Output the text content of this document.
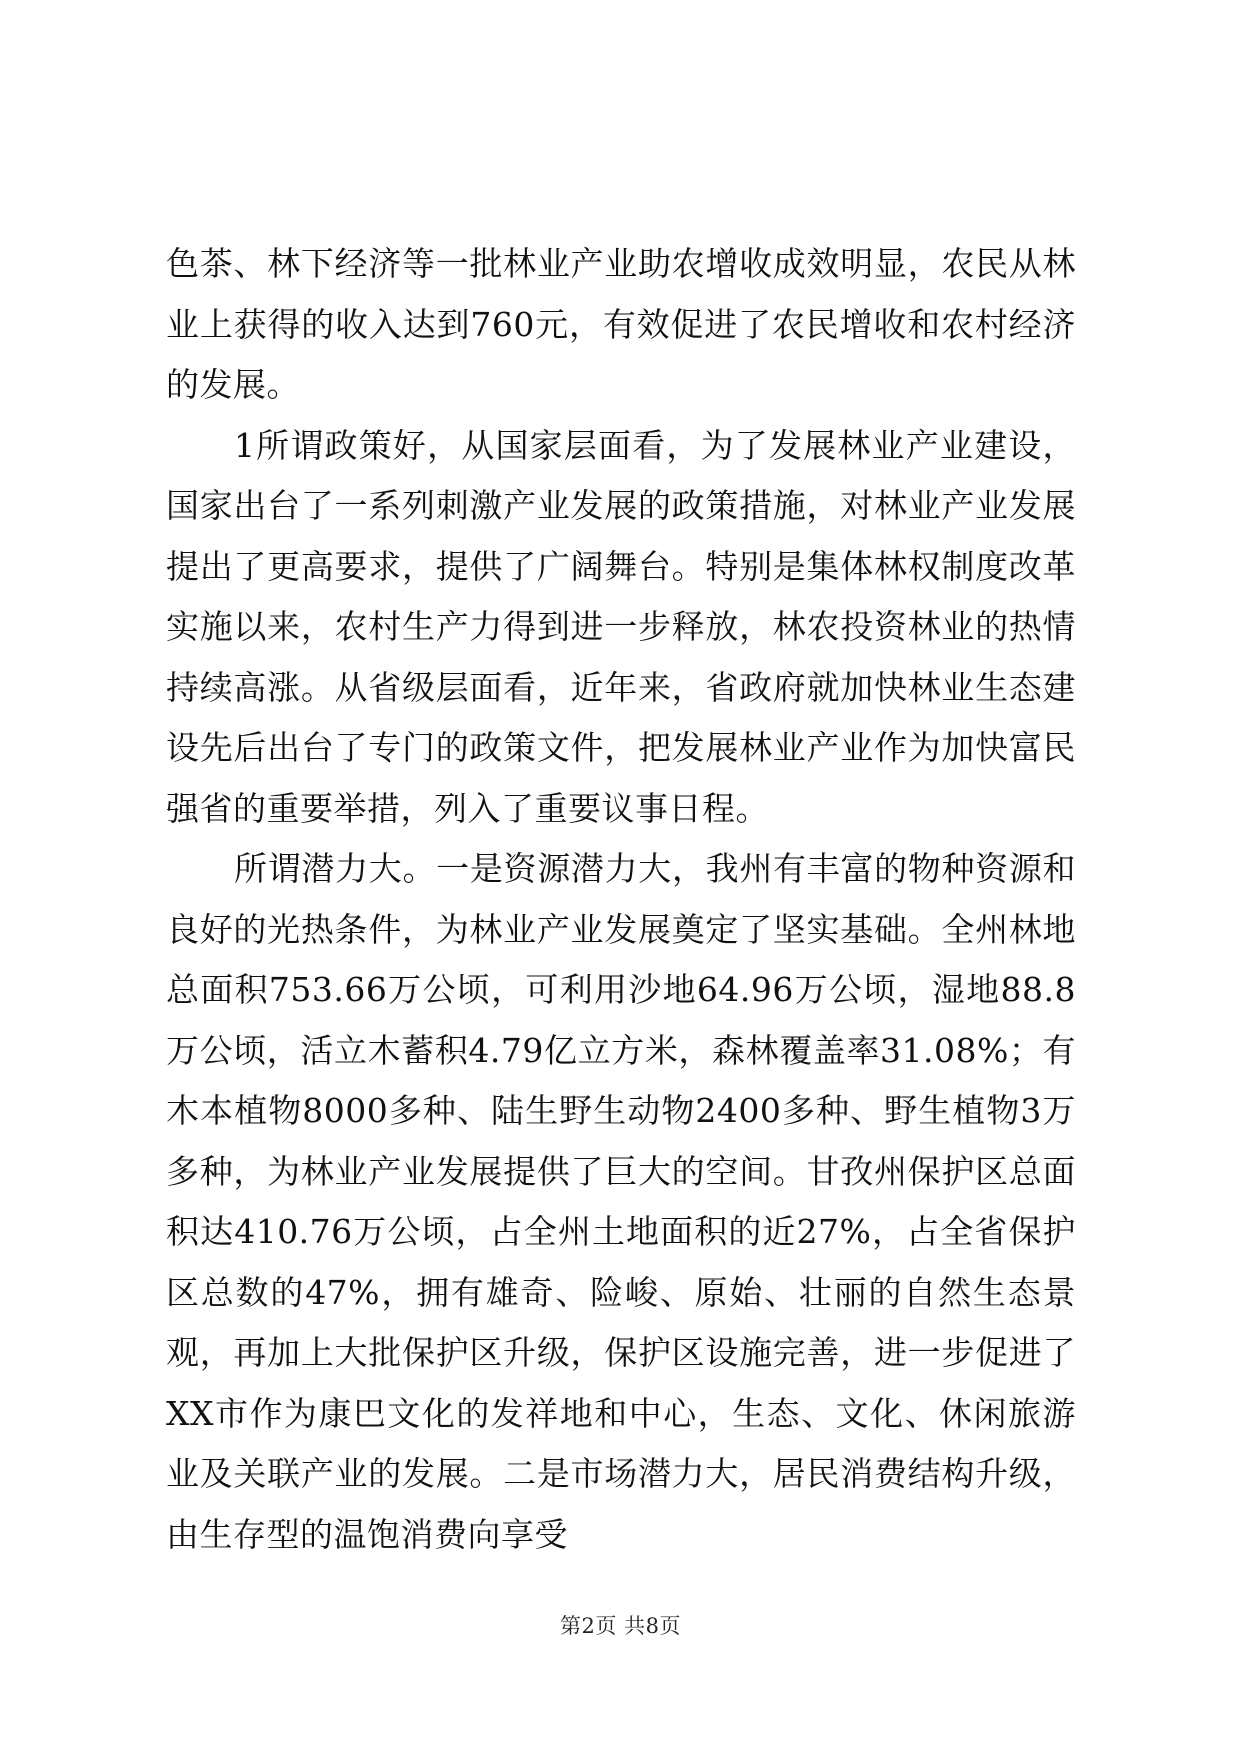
色茶、林下经济等一批林业产业助农增收成效明显，农民从林业上获得的收入达到760元，有效促进了农民增收和农村经济的发展。

1所谓政策好，从国家层面看，为了发展林业产业建设，国家出台了一系列刺激产业发展的政策措施，对林业产业发展提出了更高要求，提供了广阔舞台。特别是集体林权制度改革实施以来，农村生产力得到进一步释放，林农投资林业的热情持续高涨。从省级层面看，近年来，省政府就加快林业生态建设先后出台了专门的政策文件，把发展林业产业作为加快富民强省的重要举措，列入了重要议事日程。

所谓潜力大。一是资源潜力大，我州有丰富的物种资源和良好的光热条件，为林业产业发展奠定了坚实基础。全州林地总面积753.66万公顷，可利用沙地64.96万公顷，湿地88.8万公顷，活立木蓄积4.79亿立方米，森林覆盖率31.08%；有木本植物8000多种、陆生野生动物2400多种、野生植物3万多种，为林业产业发展提供了巨大的空间。甘孜州保护区总面积达410.76万公顷，占全州土地面积的近27%，占全省保护区总数的47%，拥有雄奇、险峻、原始、壮丽的自然生态景观，再加上大批保护区升级，保护区设施完善，进一步促进了XX市作为康巴文化的发祥地和中心，生态、文化、休闲旅游业及关联产业的发展。二是市场潜力大，居民消费结构升级，由生存型的温饱消费向享受

第2页 共8页
